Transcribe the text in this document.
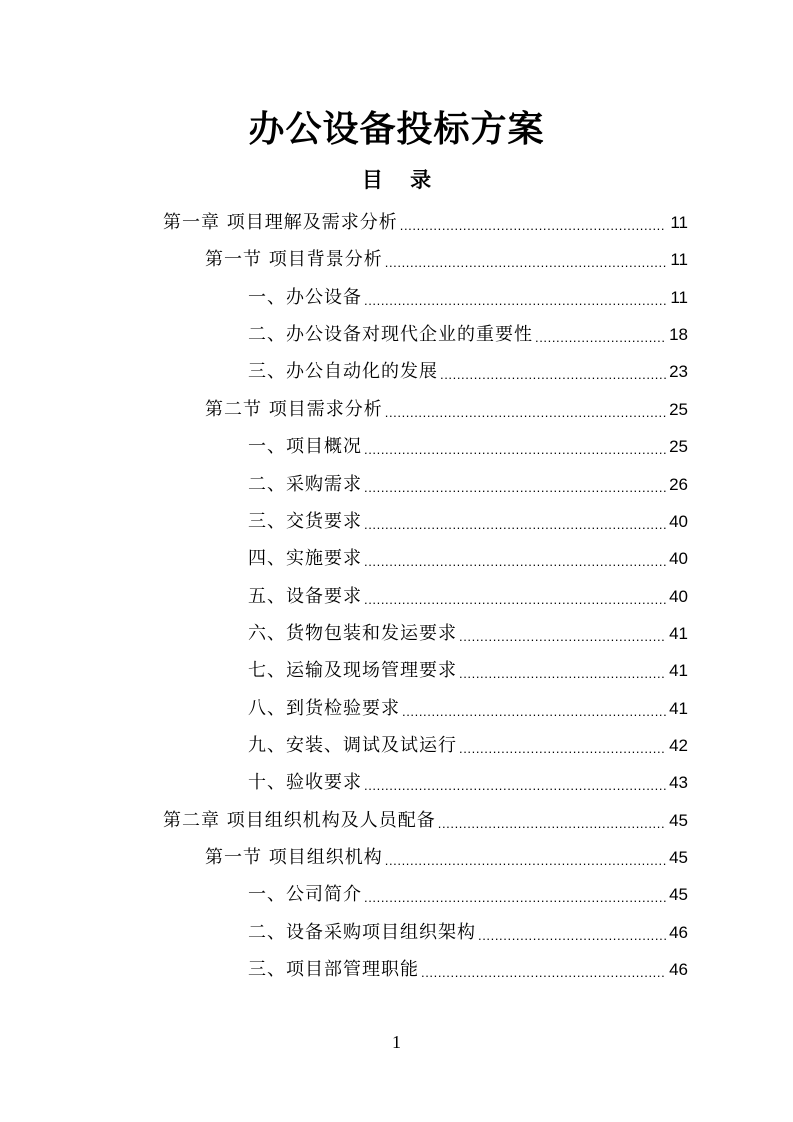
办公设备投标方案
目 录
第一章 项目理解及需求分析 .....	11
第一节 项目背景分析 .....	11
一、办公设备 .....	11
二、办公设备对现代企业的重要性 .....	18
三、办公自动化的发展 .....	23
第二节 项目需求分析 .....	25
一、项目概况 .....	25
二、采购需求 .....	26
三、交货要求 .....	40
四、实施要求 .....	40
五、设备要求 .....	40
六、货物包装和发运要求 .....	41
七、运输及现场管理要求 .....	41
八、到货检验要求 .....	41
九、安装、调试及试运行 .....	42
十、验收要求 .....	43
第二章 项目组织机构及人员配备 .....	45
第一节 项目组织机构 .....	45
一、公司简介 .....	45
二、设备采购项目组织架构 .....	46
三、项目部管理职能 .....	46
1
